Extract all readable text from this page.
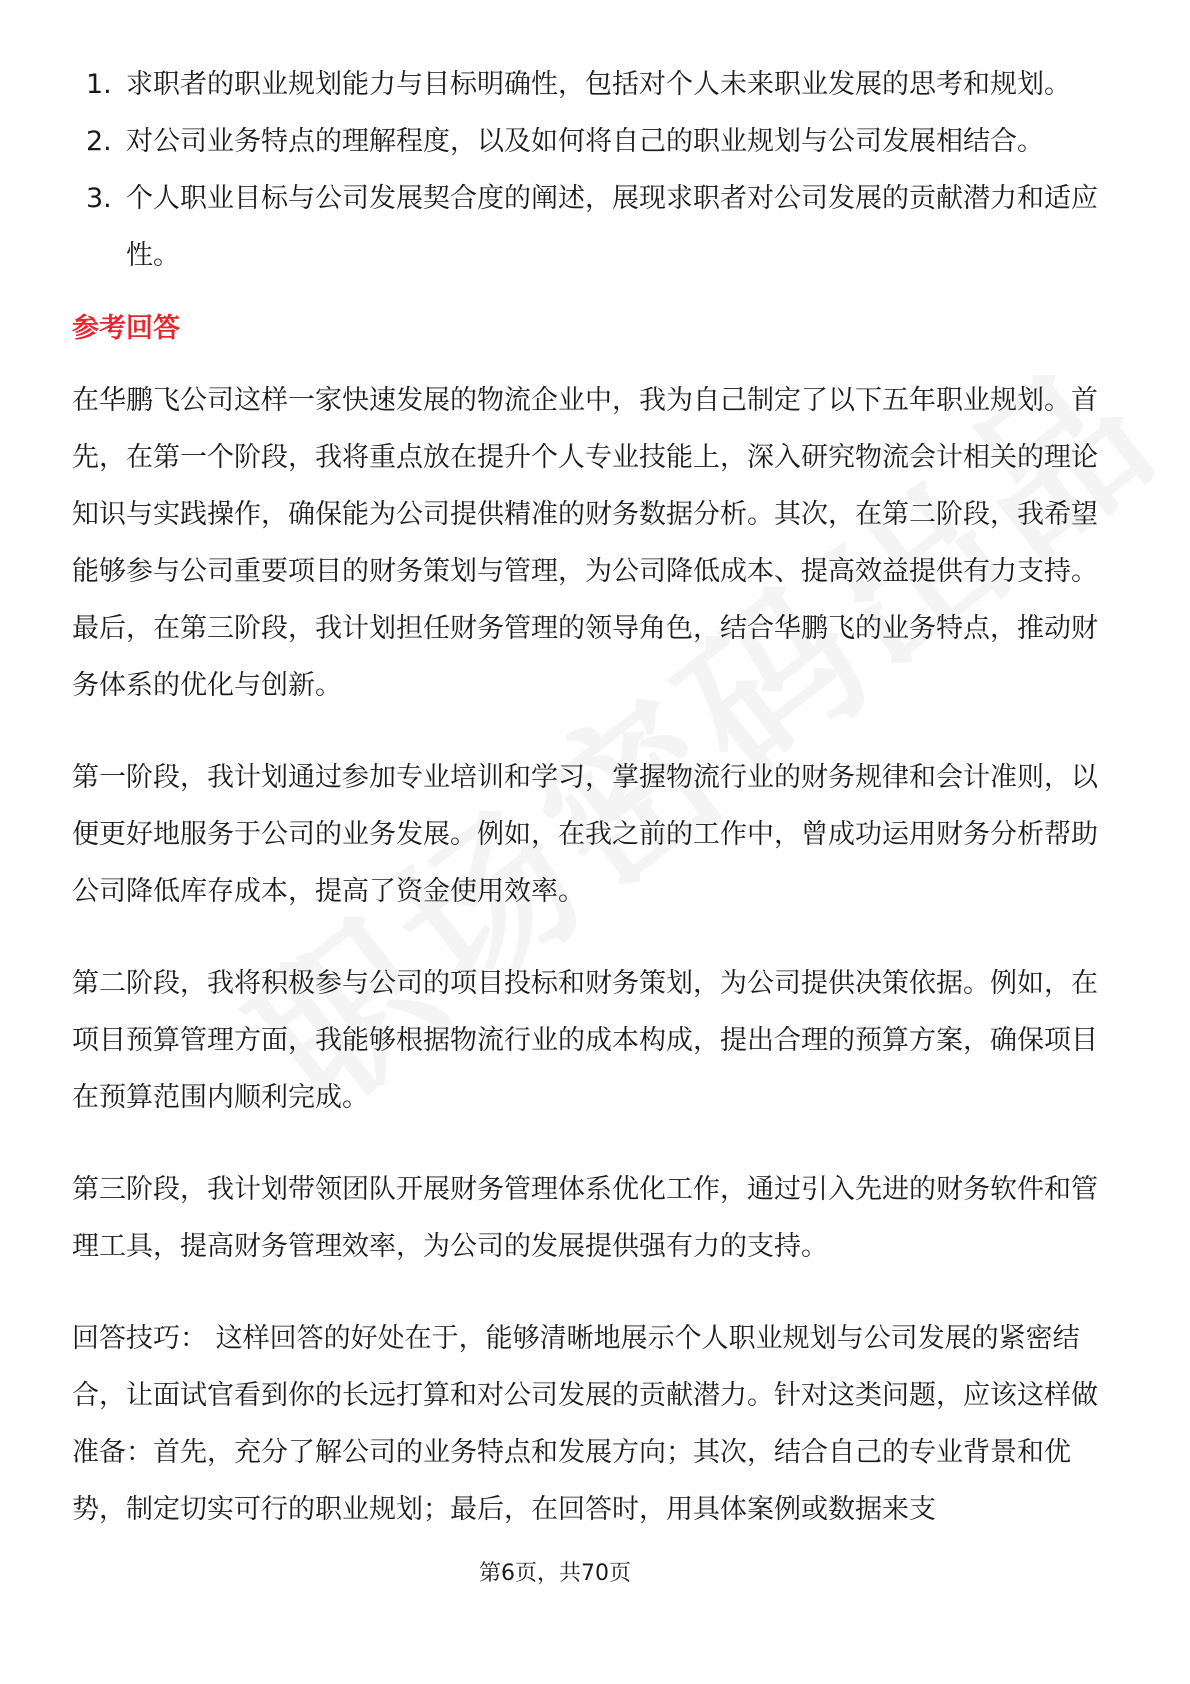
1. 求职者的职业规划能力与目标明确性，包括对个人未来职业发展的思考和规划。
2. 对公司业务特点的理解程度，以及如何将自己的职业规划与公司发展相结合。
3. 个人职业目标与公司发展契合度的阐述，展现求职者对公司发展的贡献潜力和适应性。
参考回答

在华鹏飞公司这样一家快速发展的物流企业中，我为自己制定了以下五年职业规划。首先，在第一个阶段，我将重点放在提升个人专业技能上，深入研究物流会计相关的理论知识与实践操作，确保能为公司提供精准的财务数据分析。其次，在第二阶段，我希望能够参与公司重要项目的财务策划与管理，为公司降低成本、提高效益提供有力支持。最后，在第三阶段，我计划担任财务管理的领导角色，结合华鹏飞的业务特点，推动财务体系的优化与创新。

第一阶段，我计划通过参加专业培训和学习，掌握物流行业的财务规律和会计准则，以便更好地服务于公司的业务发展。例如，在我之前的工作中，曾成功运用财务分析帮助公司降低库存成本，提高了资金使用效率。

第二阶段，我将积极参与公司的项目投标和财务策划，为公司提供决策依据。例如，在项目预算管理方面，我能够根据物流行业的成本构成，提出合理的预算方案，确保项目在预算范围内顺利完成。

第三阶段，我计划带领团队开展财务管理体系优化工作，通过引入先进的财务软件和管理工具，提高财务管理效率，为公司的发展提供强有力的支持。

回答技巧： 这样回答的好处在于，能够清晰地展示个人职业规划与公司发展的紧密结合，让面试官看到你的长远打算和对公司发展的贡献潜力。针对这类问题，应该这样做准备：首先，充分了解公司的业务特点和发展方向；其次，结合自己的专业背景和优势，制定切实可行的职业规划；最后，在回答时，用具体案例或数据来支

第6页，共70页
